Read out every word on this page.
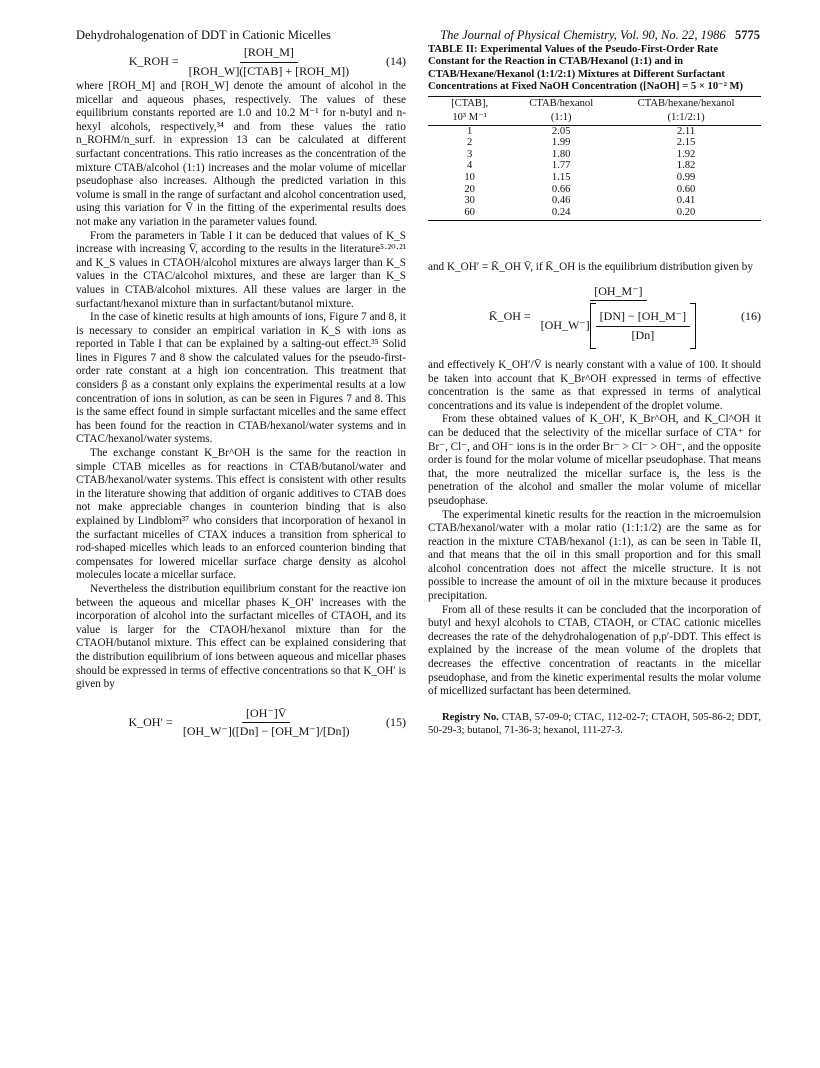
Dehydrohalogenation of DDT in Cationic Micelles	The Journal of Physical Chemistry, Vol. 90, No. 22, 1986 5775
K_ROH = $\frac{\text{[ROH\_M]}}{\text{[ROH\_W]([CTAB] + [ROH\_M])}}$	(14)

where [ROH_M] and [ROH_W] denote the amount of alcohol in the micellar and aqueous phases, respectively. The values of these equilibrium constants reported are 1.0 and 10.2 M⁻¹ for n-butyl and n-hexyl alcohols, respectively,³⁴ and from these values the ratio n_ROHM/n_surf. in expression 13 can be calculated at different surfactant concentrations. This ratio increases as the concentration of the mixture CTAB/alcohol (1:1) increases and the molar volume of micellar pseudophase also increases. Although the predicted variation in this volume is small in the range of surfactant and alcohol concentration used, using this variation for V̄ in the fitting of the experimental results does not make any variation in the parameter values found.

From the parameters in Table I it can be deduced that values of K_S increase with increasing V̄, according to the results in the literature⁵·²⁰·²¹ and K_S values in CTAOH/alcohol mixtures are always larger than K_S values in the CTAC/alcohol mixtures, and these are larger than K_S values in CTAB/alcohol mixtures. All these values are larger in the surfactant/hexanol mixture than in surfactant/butanol mixture.

In the case of kinetic results at high amounts of ions, Figure 7 and 8, it is necessary to consider an empirical variation in K_S with ions as reported in Table I that can be explained by a salting-out effect.³⁵ Solid lines in Figures 7 and 8 show the calculated values for the pseudo-first-order rate constant at a high ion concentration. This treatment that considers β as a constant only explains the experimental results at a low concentration of ions in solution, as can be seen in Figures 7 and 8. This is the same effect found in simple surfactant micelles and the same effect has been found for the reaction in CTAB/hexanol/water systems and in CTAC/hexanol/water systems.

The exchange constant K_Br^OH is the same for the reaction in simple CTAB micelles as for reactions in CTAB/butanol/water and CTAB/hexanol/water systems. This effect is consistent with other results in the literature showing that addition of organic additives to CTAB does not make appreciable changes in counterion binding that is also explained by Lindblom³⁷ who considers that incorporation of hexanol in the surfactant micelles of CTAX induces a transition from spherical to rod-shaped micelles which leads to an enforced counterion binding that compensates for lowered micellar surface charge density as alcohol molecules locate a micellar surface.

Nevertheless the distribution equilibrium constant for the reactive ion between the aqueous and micellar phases K_OH′ increases with the incorporation of alcohol into the surfactant micelles of CTAOH, and its value is larger for the CTAOH/hexanol mixture than for the CTAOH/butanol mixture. This effect can be explained considering that the distribution equilibrium of ions between aqueous and micellar phases should be expressed in terms of effective concentrations so that K_OH′ is given by

K_OH′ = $\frac{[OH^-]V̄}{[OH\_W^-]([Dn] - [OH\_M^-]/[Dn])}$	(15)
TABLE II: Experimental Values of the Pseudo-First-Order Rate Constant for the Reaction in CTAB/Hexanol (1:1) and in CTAB/Hexane/Hexanol (1:1/2:1) Mixtures at Different Surfactant Concentrations at Fixed NaOH Concentration ([NaOH] = 5 × 10⁻² M)
[CTAB],	CTAB/hexanol	CTAB/hexane/hexanol
10³ M⁻¹	(1:1)	(1:1/2:1)
1	2.05	2.11
2	1.99	2.15
3	1.80	1.92
4	1.77	1.82
10	1.15	0.99
20	0.66	0.60
30	0.46	0.41
60	0.24	0.20

and K_OH′ = K̄_OH V̄, if K̄_OH is the equilibrium distribution given by

K̄_OH =
[OH_M⁻]
[OH_W⁻] $\frac{[DN] - [OH\_M^-]}{[Dn]}$	(16)

and effectively K_OH′/V̄ is nearly constant with a value of 100. It should be taken into account that K_Br^OH expressed in terms of effective concentration is the same as that expressed in terms of analytical concentrations and its value is independent of the droplet volume.

From these obtained values of K_OH′, K_Br^OH, and K_Cl^OH it can be deduced that the selectivity of the micellar surface of CTA⁺ for Br⁻, Cl⁻, and OH⁻ ions is in the order Br⁻ > Cl⁻ > OH⁻, and the opposite order is found for the molar volume of micellar pseudophase. That means that, the more neutralized the micellar surface is, the less is the penetration of the alcohol and smaller the molar volume of micellar pseudophase.

The experimental kinetic results for the reaction in the microemulsion CTAB/hexanol/water with a molar ratio (1:1:1/2) are the same as for reaction in the mixture CTAB/hexanol (1:1), as can be seen in Table II, and that means that the oil in this small proportion and for this small alcohol concentration does not affect the micelle structure. It is not possible to increase the amount of oil in the mixture because it produces precipitation.

From all of these results it can be concluded that the incorporation of butyl and hexyl alcohols to CTAB, CTAOH, or CTAC cationic micelles decreases the rate of the dehydrohalogenation of p,p′-DDT. This effect is explained by the increase of the mean volume of the droplets that decreases the effective concentration of reactants in the micellar pseudophase, and from the kinetic experimental results the molar volume of micellized surfactant has been determined.

Registry No. CTAB, 57-09-0; CTAC, 112-02-7; CTAOH, 505-86-2; DDT, 50-29-3; butanol, 71-36-3; hexanol, 111-27-3.
